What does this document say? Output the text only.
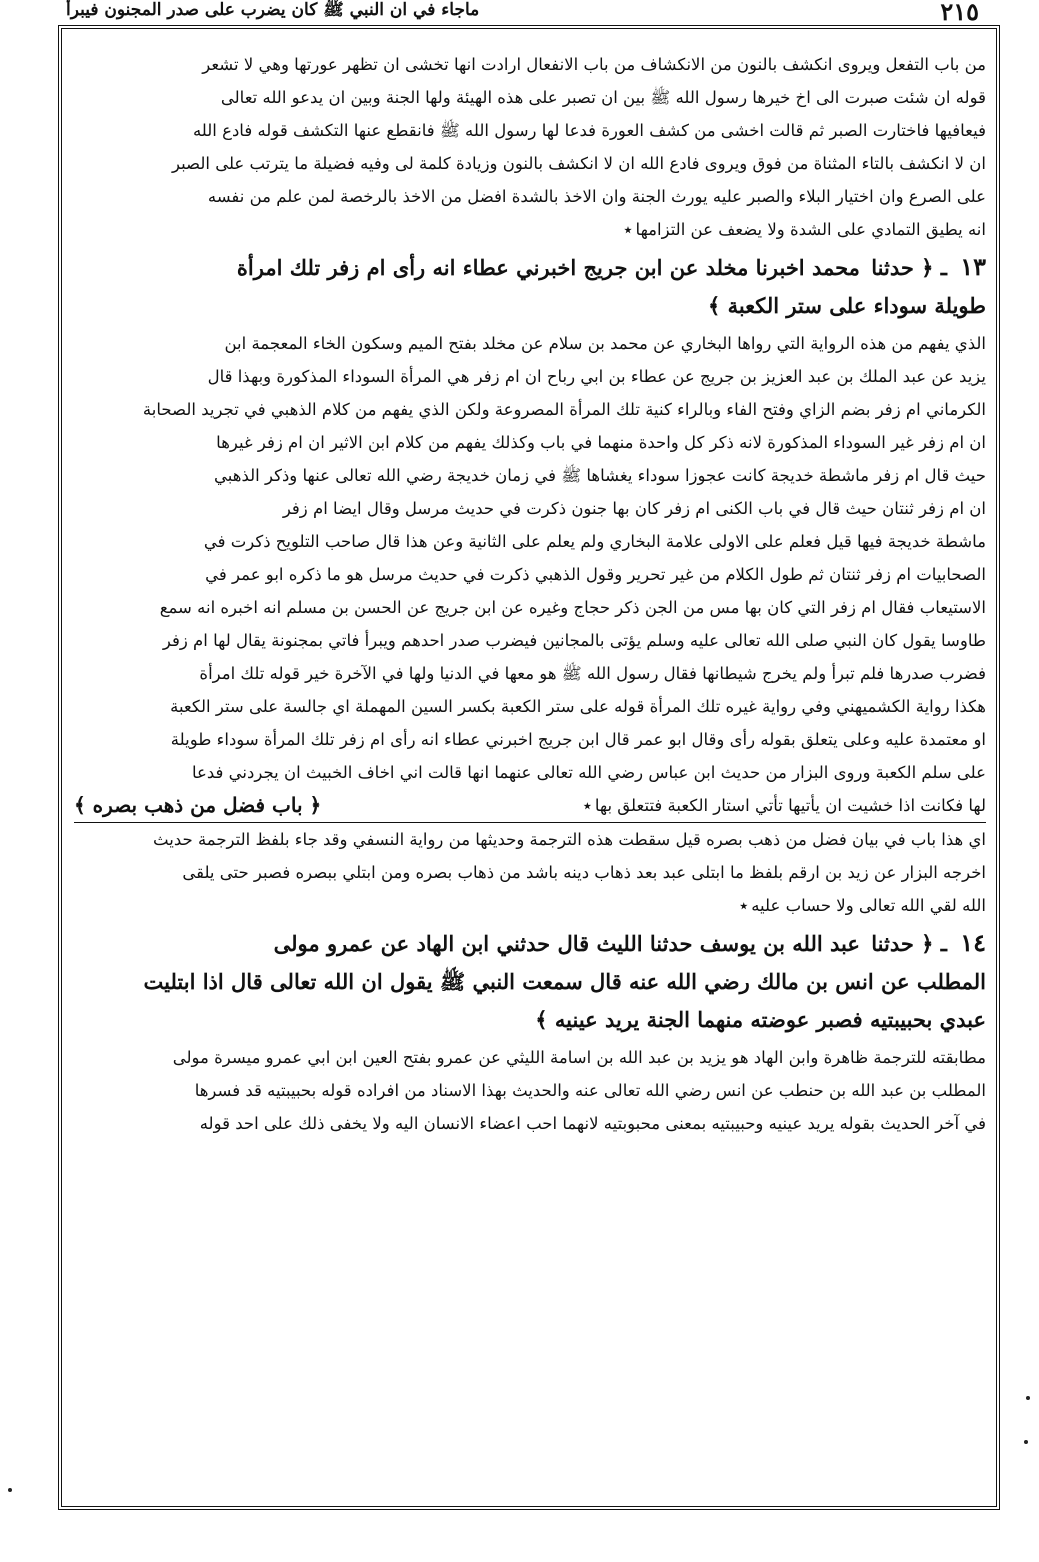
٢١٥
ماجاء في ان النبي ﷺ كان يضرب على صدر المجنون فيبرأ

من باب التفعل ويروى انكشف بالنون من الانكشاف من باب الانفعال ارادت انها تخشى ان تظهر عورتها وهي لا تشعر

قوله ان شئت صبرت الى اخ خيرها رسول الله ﷺ بين ان تصبر على هذه الهيئة ولها الجنة وبين ان يدعو الله تعالى

فيعافيها فاختارت الصبر ثم قالت اخشى من كشف العورة فدعا لها رسول الله ﷺ فانقطع عنها التكشف قوله فادع الله

ان لا انكشف بالتاء المثناة من فوق ويروى فادع الله ان لا انكشف بالنون وزيادة كلمة لى وفيه فضيلة ما يترتب على الصبر

على الصرع وان اختيار البلاء والصبر عليه يورث الجنة وان الاخذ بالشدة افضل من الاخذ بالرخصة لمن علم من نفسه

انه يطيق التمادي على الشدة ولا يضعف عن التزامها٭

١٣ ـ ﴿ حدثنا محمد اخبرنا مخلد عن ابن جريج اخبرني عطاء انه رأى ام زفر تلك امرأة
طويلة سوداء على ستر الكعبة ﴾

الذي يفهم من هذه الرواية التي رواها البخاري عن محمد بن سلام عن مخلد بفتح الميم وسكون الخاء المعجمة ابن

يزيد عن عبد الملك بن عبد العزيز بن جريج عن عطاء بن ابي رباح ان ام زفر هي المرأة السوداء المذكورة وبهذا قال

الكرماني ام زفر بضم الزاي وفتح الفاء وبالراء كنية تلك المرأة المصروعة ولكن الذي يفهم من كلام الذهبي في تجريد الصحابة

ان ام زفر غير السوداء المذكورة لانه ذكر كل واحدة منهما في باب وكذلك يفهم من كلام ابن الاثير ان ام زفر غيرها

حيث قال ام زفر ماشطة خديجة كانت عجوزا سوداء يغشاها ﷺ في زمان خديجة رضي الله تعالى عنها وذكر الذهبي

ان ام زفر ثنتان حيث قال في باب الكنى ام زفر كان بها جنون ذكرت في حديث مرسل وقال ايضا ام زفر

ماشطة خديجة فيها قيل فعلم على الاولى علامة البخاري ولم يعلم على الثانية وعن هذا قال صاحب التلويح ذكرت في

الصحابيات ام زفر ثنتان ثم طول الكلام من غير تحرير وقول الذهبي ذكرت في حديث مرسل هو ما ذكره ابو عمر في

الاستيعاب فقال ام زفر التي كان بها مس من الجن ذكر حجاج وغيره عن ابن جريج عن الحسن بن مسلم انه اخبره انه سمع

طاوسا يقول كان النبي صلى الله تعالى عليه وسلم يؤتى بالمجانين فيضرب صدر احدهم ويبرأ فاتي بمجنونة يقال لها ام زفر

فضرب صدرها فلم تبرأ ولم يخرج شيطانها فقال رسول الله ﷺ هو معها في الدنيا ولها في الآخرة خير قوله تلك امرأة

هكذا رواية الكشميهني وفي رواية غيره تلك المرأة قوله على ستر الكعبة بكسر السين المهملة اي جالسة على ستر الكعبة

او معتمدة عليه وعلى يتعلق بقوله رأى وقال ابو عمر قال ابن جريج اخبرني عطاء انه رأى ام زفر تلك المرأة سوداء طويلة

على سلم الكعبة وروى البزار من حديث ابن عباس رضي الله تعالى عنهما انها قالت اني اخاف الخبيث ان يجردني فدعا

﴿ باب فضل من ذهب بصره ﴾	لها فكانت اذا خشيت ان يأتيها تأتي استار الكعبة فتتعلق بها٭

اي هذا باب في بيان فضل من ذهب بصره قيل سقطت هذه الترجمة وحديثها من رواية النسفي وقد جاء بلفظ الترجمة حديث

اخرجه البزار عن زيد بن ارقم بلفظ ما ابتلى عبد بعد ذهاب دينه باشد من ذهاب بصره ومن ابتلي ببصره فصبر حتى يلقى

الله لقي الله تعالى ولا حساب عليه٭

١٤ ـ ﴿ حدثنا عبد الله بن يوسف حدثنا الليث قال حدثني ابن الهاد عن عمرو مولى
المطلب عن انس بن مالك رضي الله عنه قال سمعت النبي ﷺ يقول ان الله تعالى قال اذا ابتليت
عبدي بحبيبتيه فصبر عوضته منهما الجنة يريد عينيه ﴾

مطابقته للترجمة ظاهرة وابن الهاد هو يزيد بن عبد الله بن اسامة الليثي عن عمرو بفتح العين ابن ابي عمرو ميسرة مولى

المطلب بن عبد الله بن حنطب عن انس رضي الله تعالى عنه والحديث بهذا الاسناد من افراده قوله بحبيبتيه قد فسرها

في آخر الحديث بقوله يريد عينيه وحبيبتيه بمعنى محبوبتيه لانهما احب اعضاء الانسان اليه ولا يخفى ذلك على احد قوله
